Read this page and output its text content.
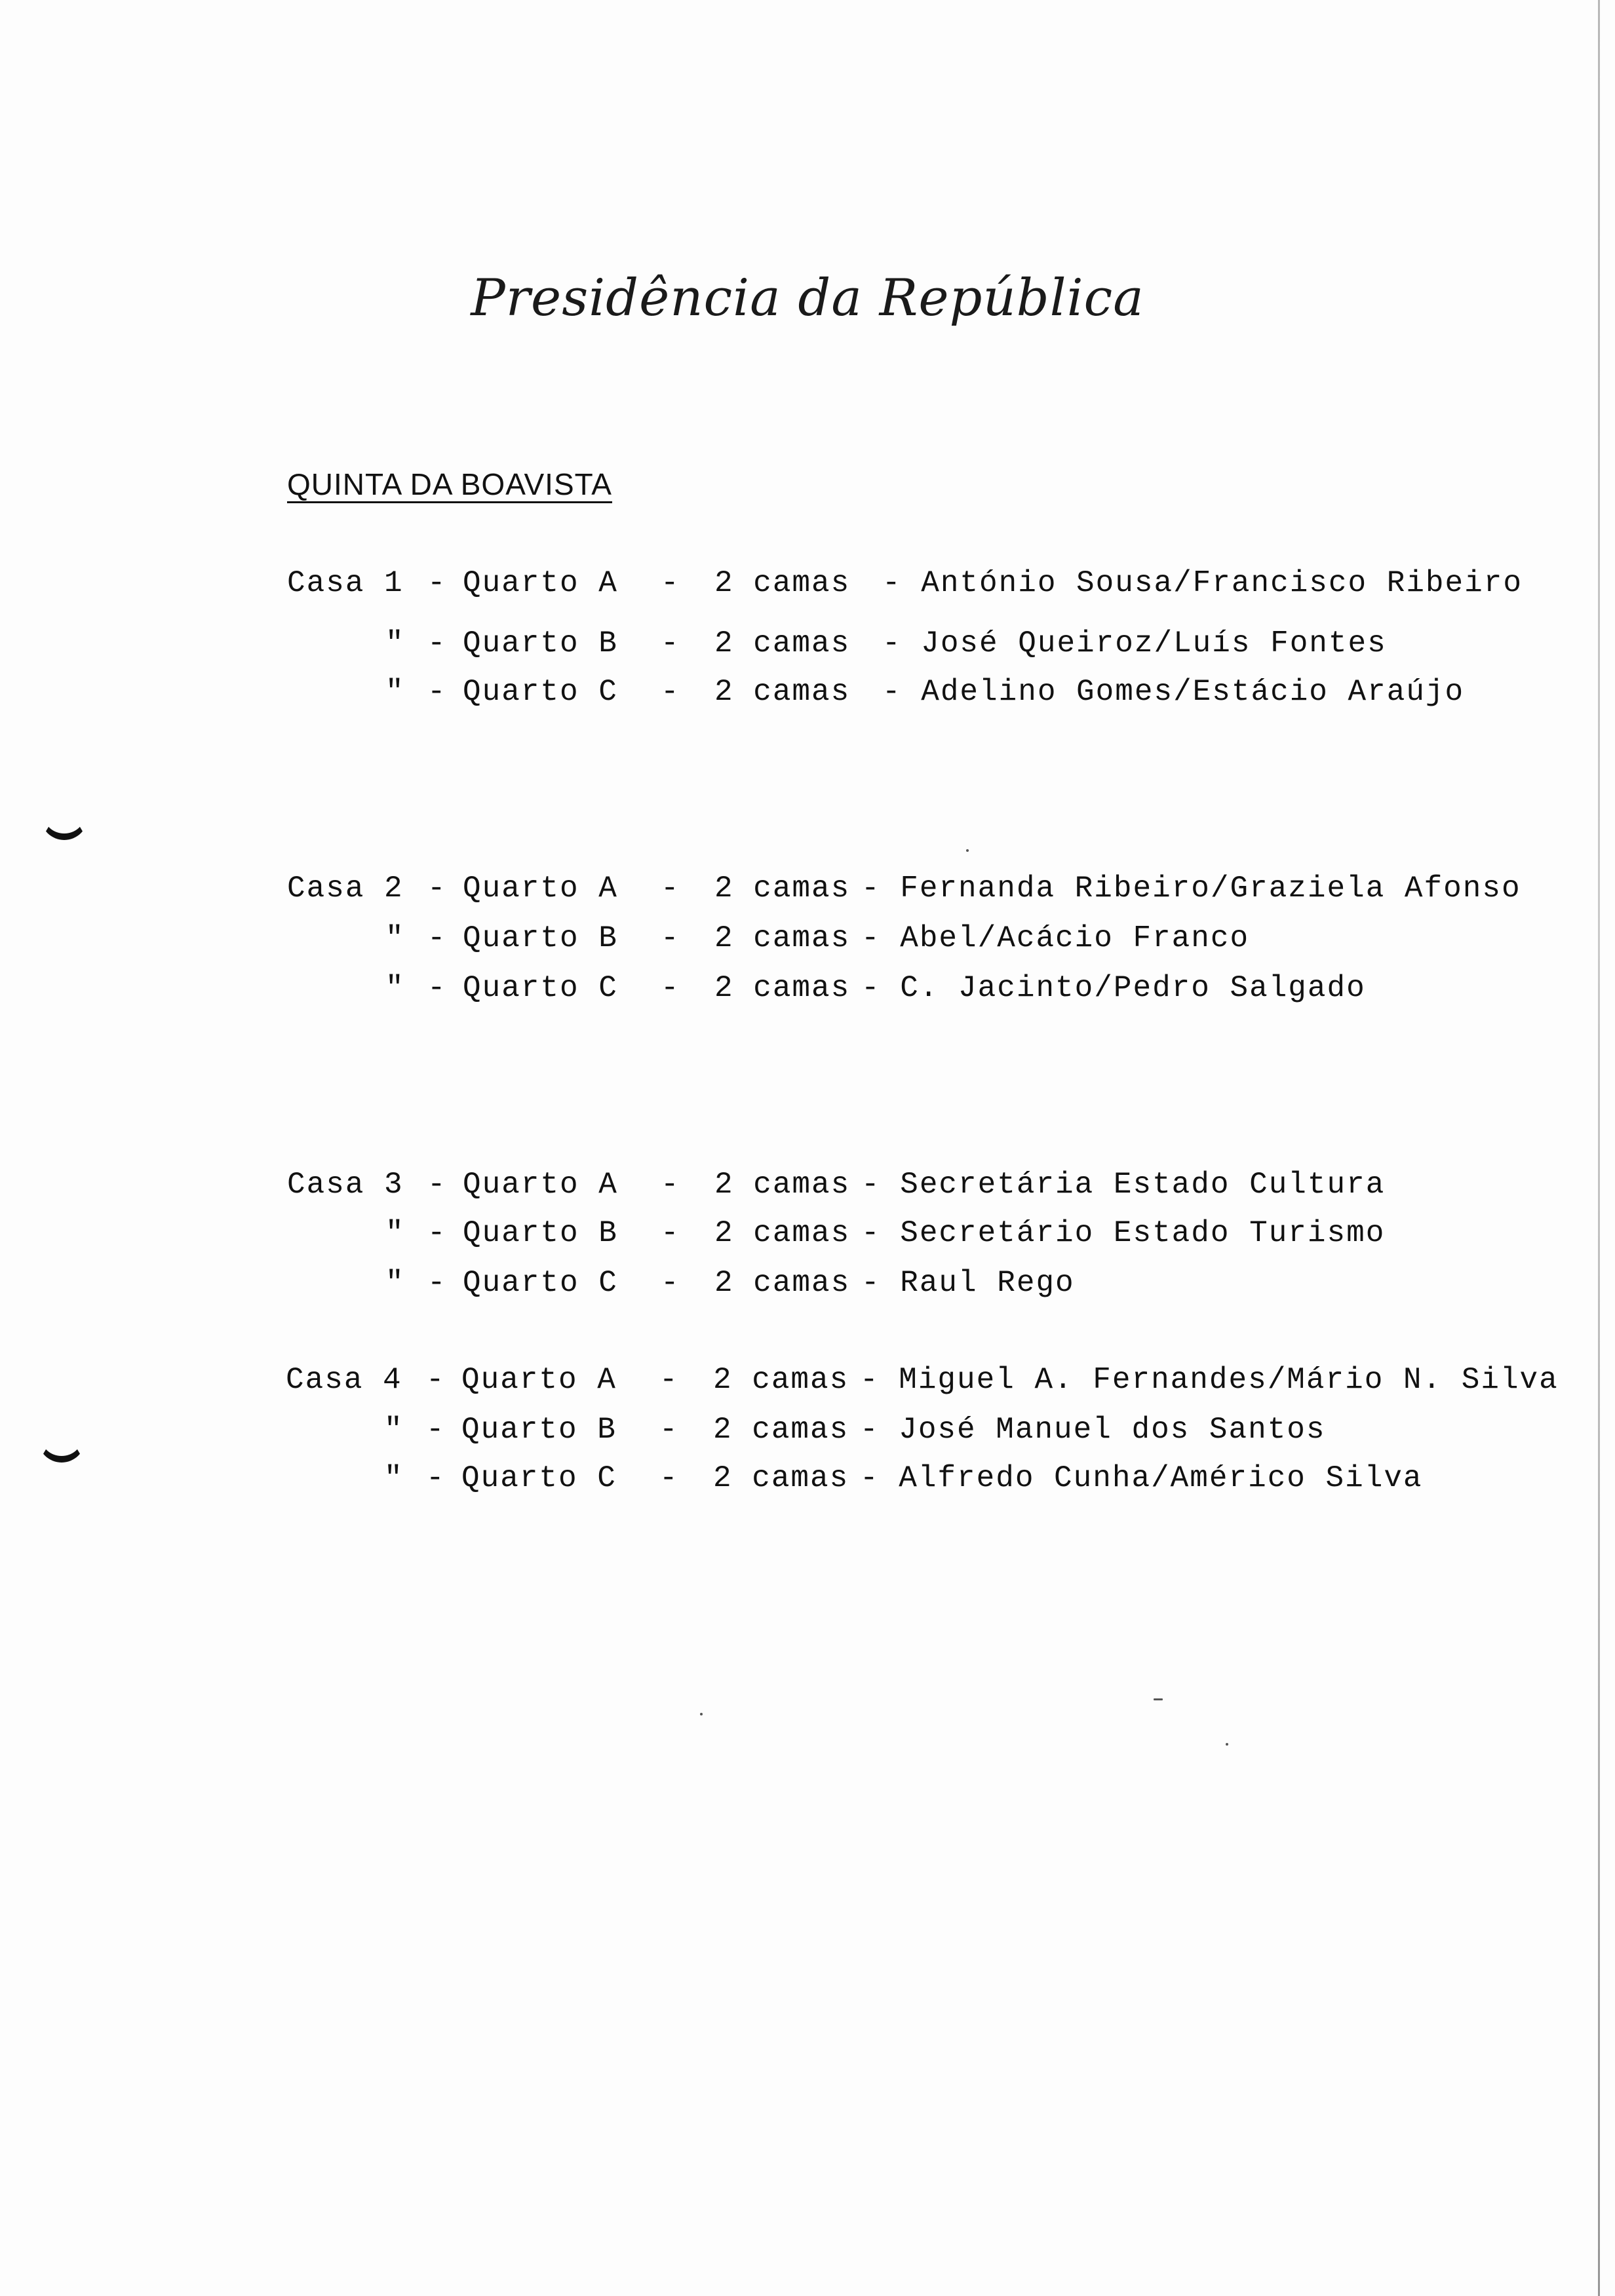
Presidência da República
QUINTA DA BOAVISTA

Casa 1

-

Quarto A

-

2 camas

- António Sousa/Francisco Ribeiro

"

-

Quarto B

-

2 camas

- José Queiroz/Luís Fontes

"

-

Quarto C

-

2 camas

- Adelino Gomes/Estácio Araújo

Casa 2

-

Quarto A

-

2 camas

- Fernanda Ribeiro/Graziela Afonso

"

-

Quarto B

-

2 camas

- Abel/Acácio Franco

"

-

Quarto C

-

2 camas

- C. Jacinto/Pedro Salgado

Casa 3

-

Quarto A

-

2 camas

- Secretária Estado Cultura

"

-

Quarto B

-

2 camas

- Secretário Estado Turismo

"

-

Quarto C

-

2 camas

- Raul Rego

Casa 4

-

Quarto A

-

2 camas

- Miguel A. Fernandes/Mário N. Silva

"

-

Quarto B

-

2 camas

- José Manuel dos Santos

"

-

Quarto C

-

2 camas

- Alfredo Cunha/Américo Silva
